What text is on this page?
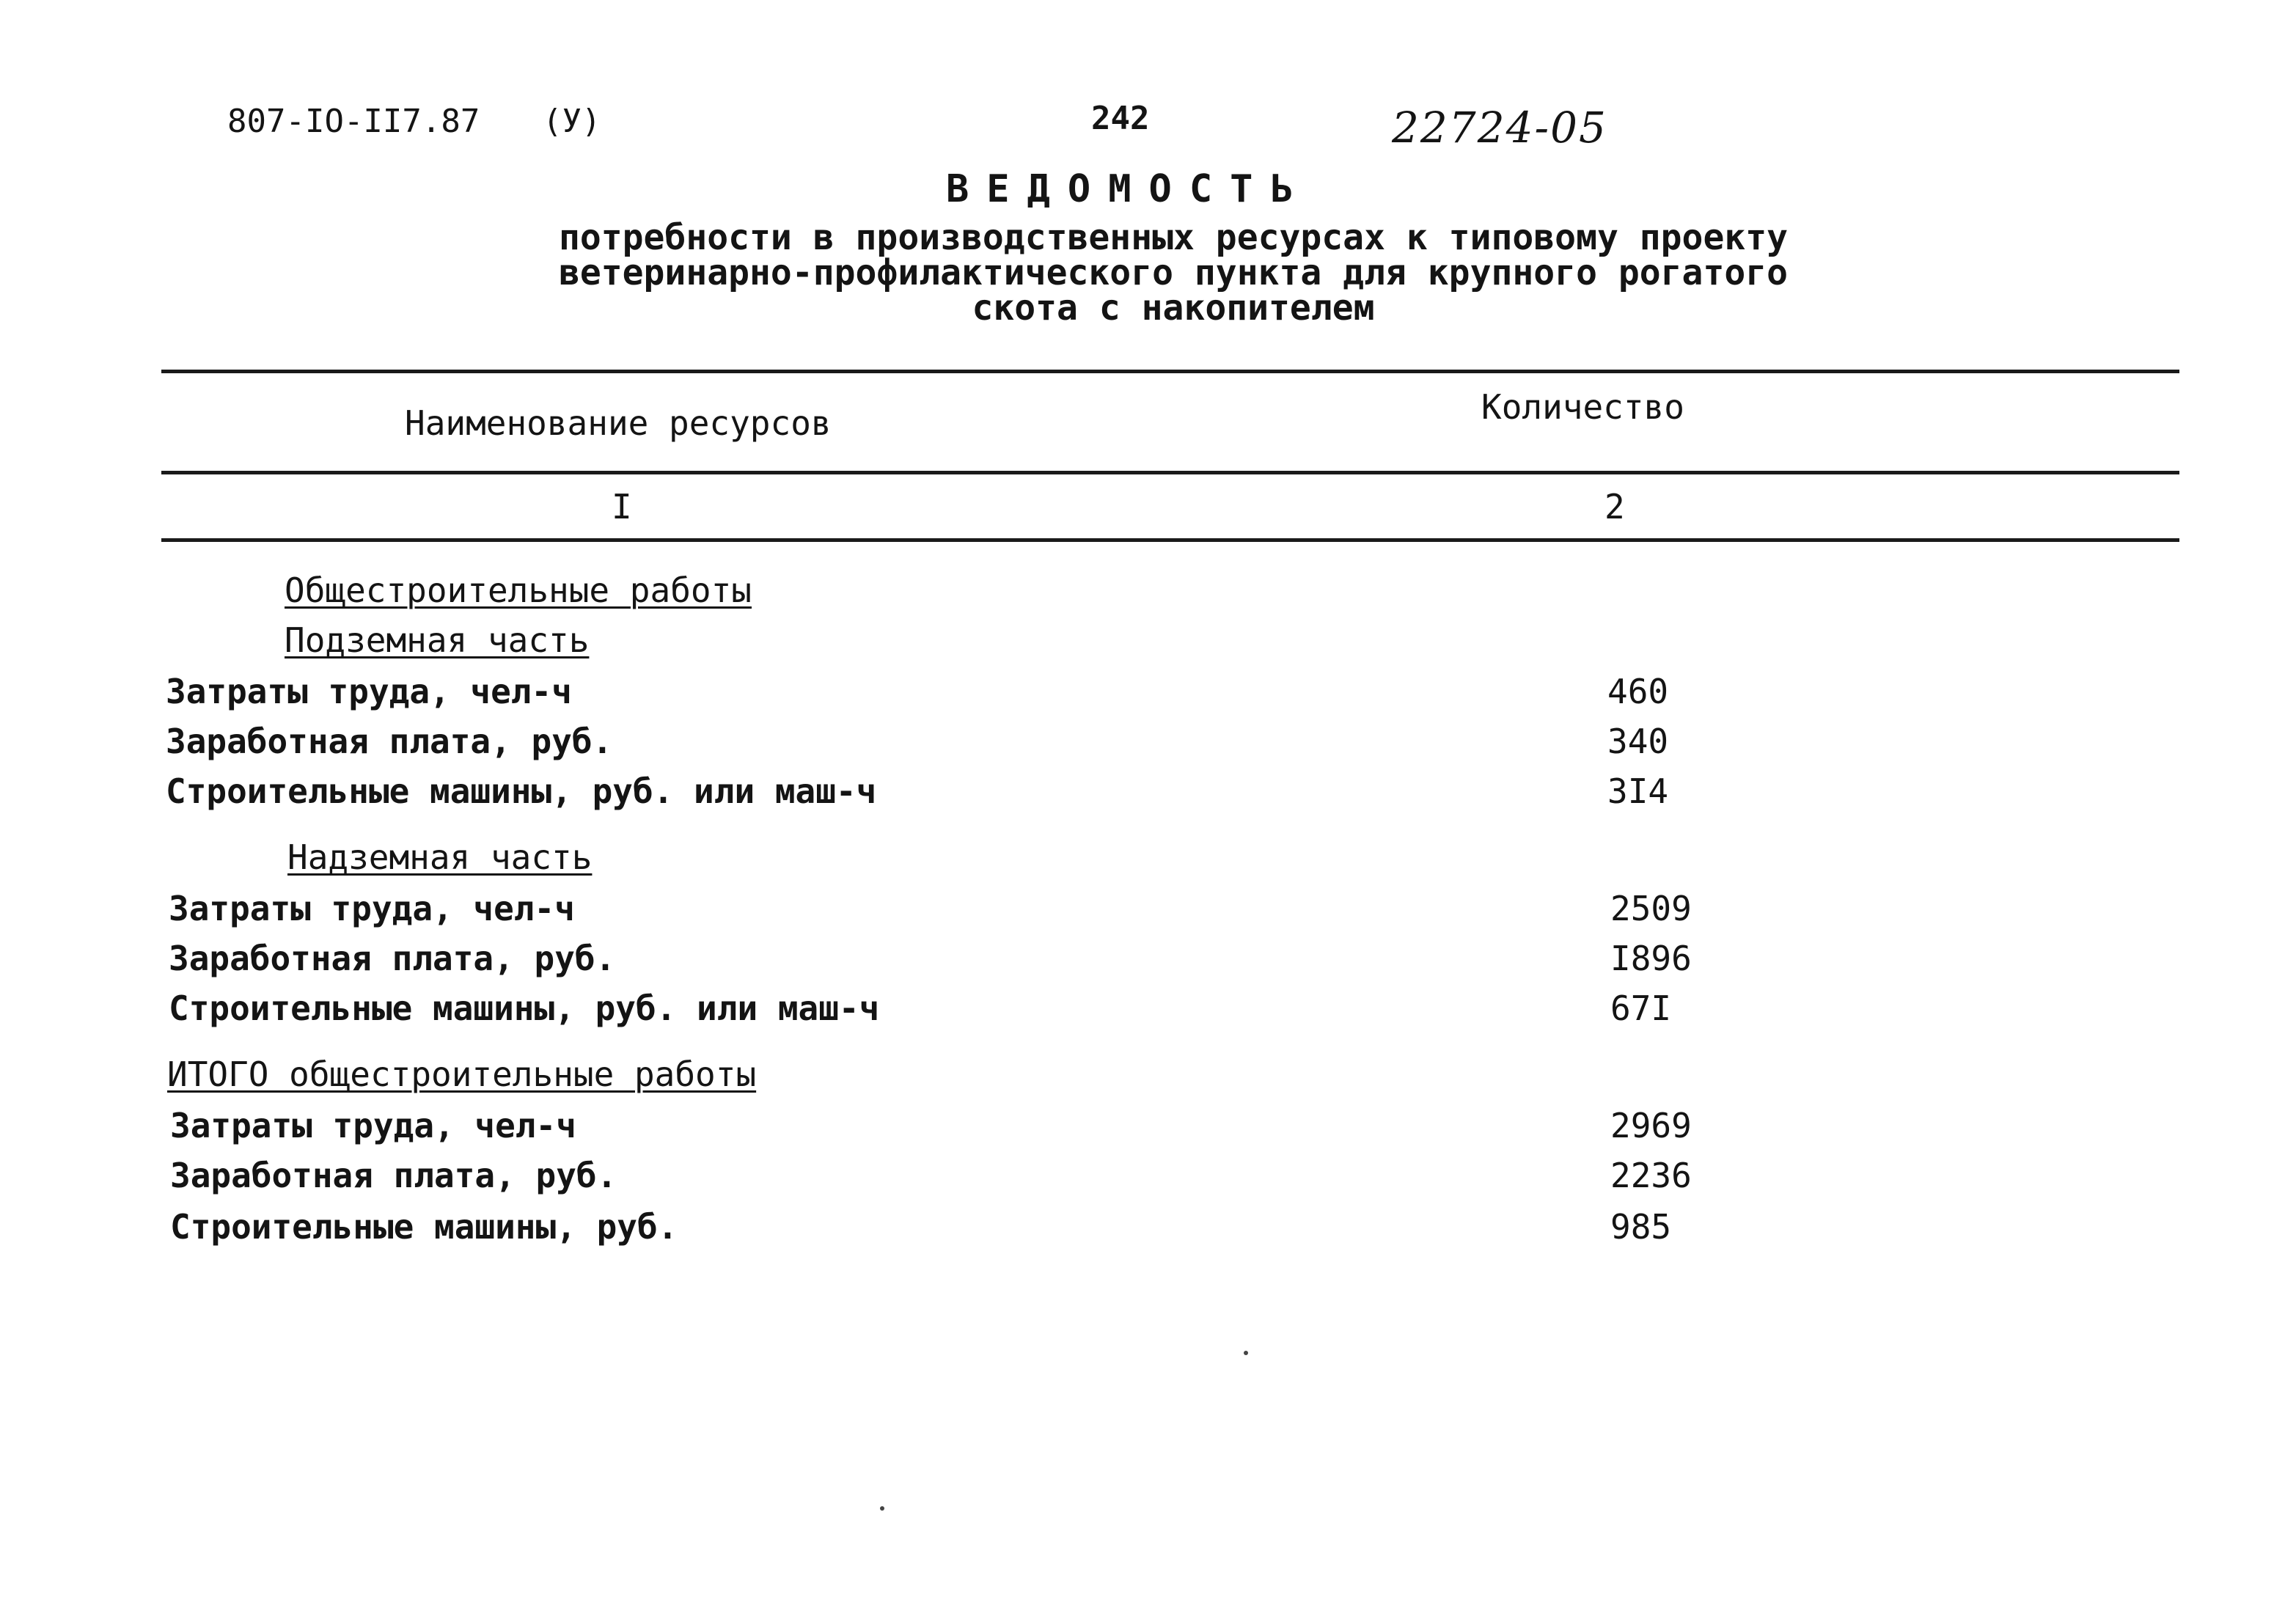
807-IO-II7.87 (У)	242	22724-05
ВЕДОМОСТЬ
потребности в производственных ресурсах к типовому проекту
ветеринарно-профилактического пункта для крупного рогатого
скота с накопителем
Наименование ресурсов	Количество
I	2
Общестроительные работы
Подземная часть
Затраты труда, чел-ч	460
Заработная плата, руб.	340
Строительные машины, руб. или маш-ч	3I4
Надземная часть
Затраты труда, чел-ч	2509
Заработная плата, руб.	I896
Строительные машины, руб. или маш-ч	67I
ИТОГО общестроительные работы
Затраты труда, чел-ч	2969
Заработная плата, руб.	2236
Строительные машины, руб.	985
